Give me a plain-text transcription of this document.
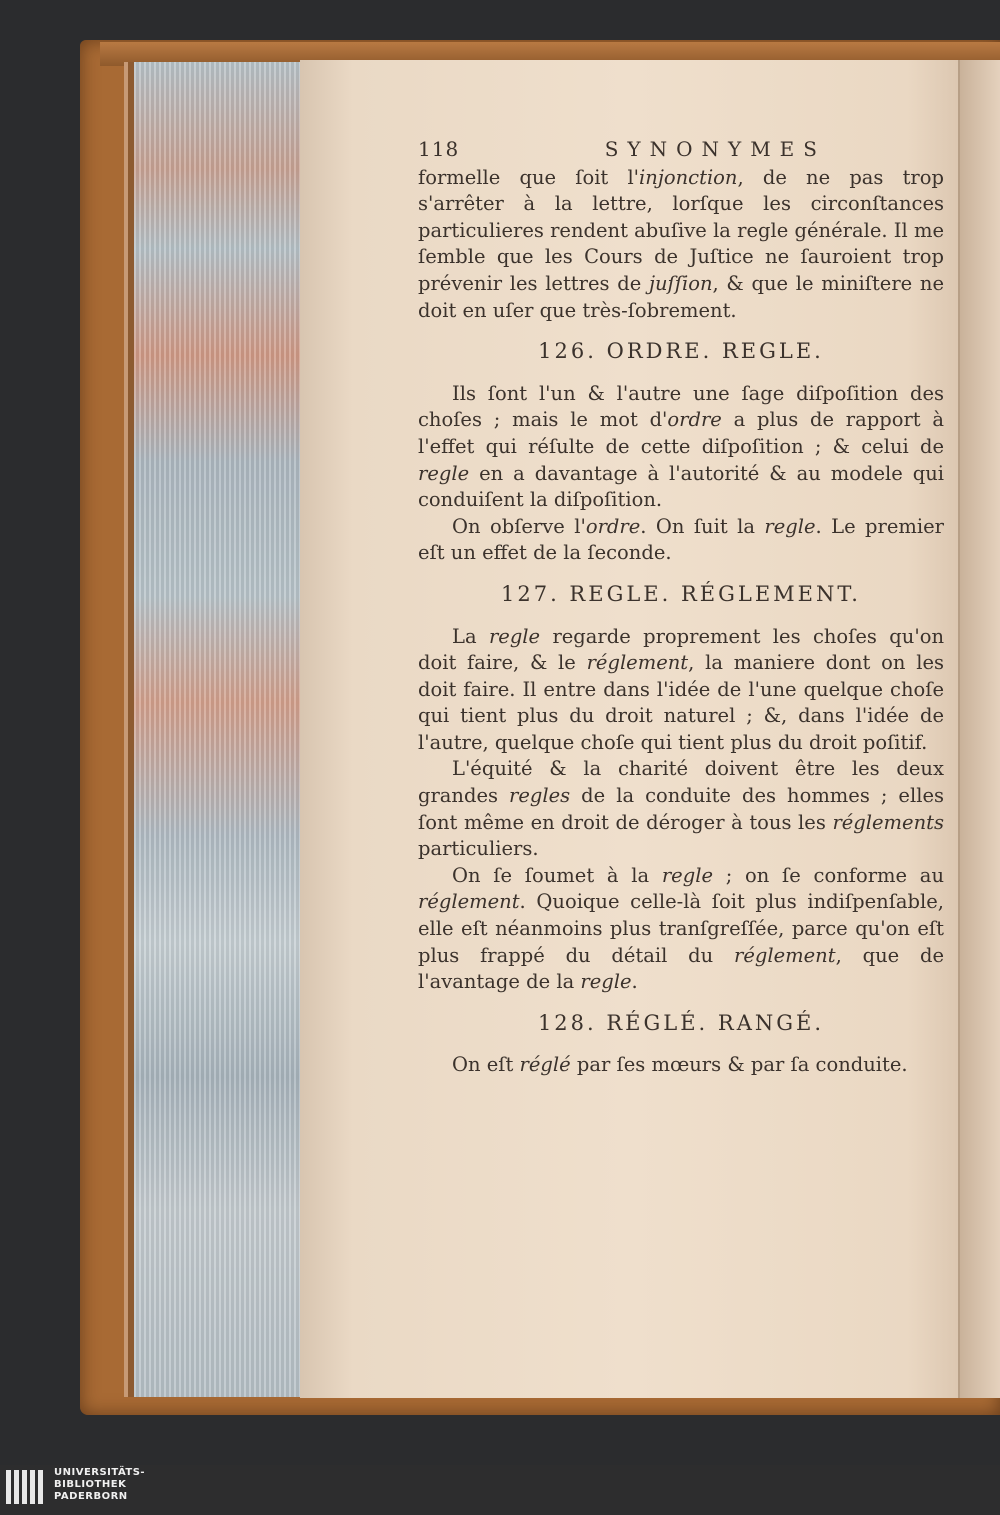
118	SYNONYMES

formelle que ſoit l'injonction, de ne pas trop s'arrêter à la lettre, lorſque les circonſtances particulieres rendent abuſive la regle générale. Il me ſemble que les Cours de Juſtice ne ſauroient trop prévenir les lettres de juſſion, & que le miniſtere ne doit en uſer que très-ſobrement.

126. ORDRE. REGLE.

Ils ſont l'un & l'autre une ſage diſpoſition des choſes ; mais le mot d'ordre a plus de rapport à l'effet qui réſulte de cette diſpoſition ; & celui de regle en a davantage à l'autorité & au modele qui conduiſent la diſpoſition.

On obſerve l'ordre. On ſuit la regle. Le premier eſt un effet de la ſeconde.

127. REGLE. RÉGLEMENT.

La regle regarde proprement les choſes qu'on doit faire, & le réglement, la maniere dont on les doit faire. Il entre dans l'idée de l'une quelque choſe qui tient plus du droit naturel ; &, dans l'idée de l'autre, quelque choſe qui tient plus du droit poſitif.

L'équité & la charité doivent être les deux grandes regles de la conduite des hommes ; elles ſont même en droit de déroger à tous les réglements particuliers.

On ſe ſoumet à la regle ; on ſe conforme au réglement. Quoique celle-là ſoit plus indiſpenſable, elle eſt néanmoins plus tranſgreſſée, parce qu'on eſt plus frappé du détail du réglement, que de l'avantage de la regle.

128. RÉGLÉ. RANGÉ.

On eſt réglé par ſes mœurs & par ſa conduite.

UNIVERSITÄTS-
BIBLIOTHEK
PADERBORN
